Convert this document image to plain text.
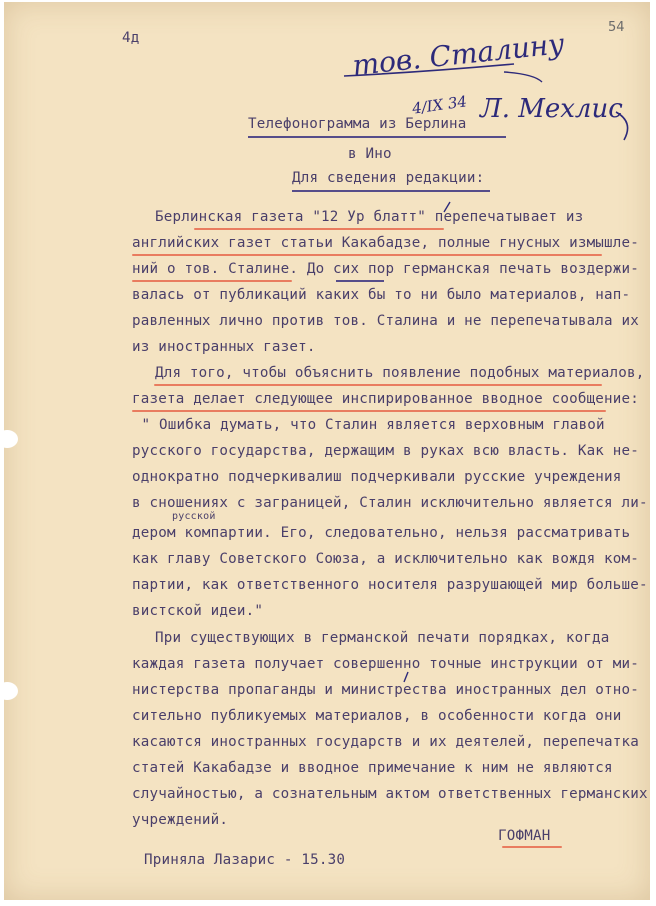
4д
54
тов. Сталину
4/IX 34 Л. Мехлис
Телефонограмма из Берлина
в Ино
Для сведения редакции:
Берлинская газета "12 Ур блатт" перепечатывает из
английских газет статьи Какабадзе, полные гнусных измышле-
ний о тов. Сталине. До сих пор германская печать воздержи-
валась от публикаций каких бы то ни было материалов, нап-
равленных лично против тов. Сталина и не перепечатывала их
из иностранных газет.
Для того, чтобы объяснить появление подобных материалов,
газета делает следующее инспирированное вводное сообщение:
" Ошибка думать, что Сталин является верховным главой
русского государства, держащим в руках всю власть. Как не-
однократно подчеркивалиш подчеркивали русские учреждения
в сношениях с заграницей, Сталин исключительно является ли-
русской
дером компартии. Его, следовательно, нельзя рассматривать
как главу Советского Союза, а исключительно как вождя ком-
партии, как ответственного носителя разрушающей мир больше-
вистской идеи."
При существующих в германской печати порядках, когда
каждая газета получает совершенно точные инструкции от ми-
нистерства пропаганды и министрества иностранных дел отно-
сительно публикуемых материалов, в особенности когда они
касаются иностранных государств и их деятелей, перепечатка
статей Какабадзе и вводное примечание к ним не являются
случайностью, а сознательным актом ответственных германских
учреждений.
ГОФМАН
Приняла Лазарис - 15.30
